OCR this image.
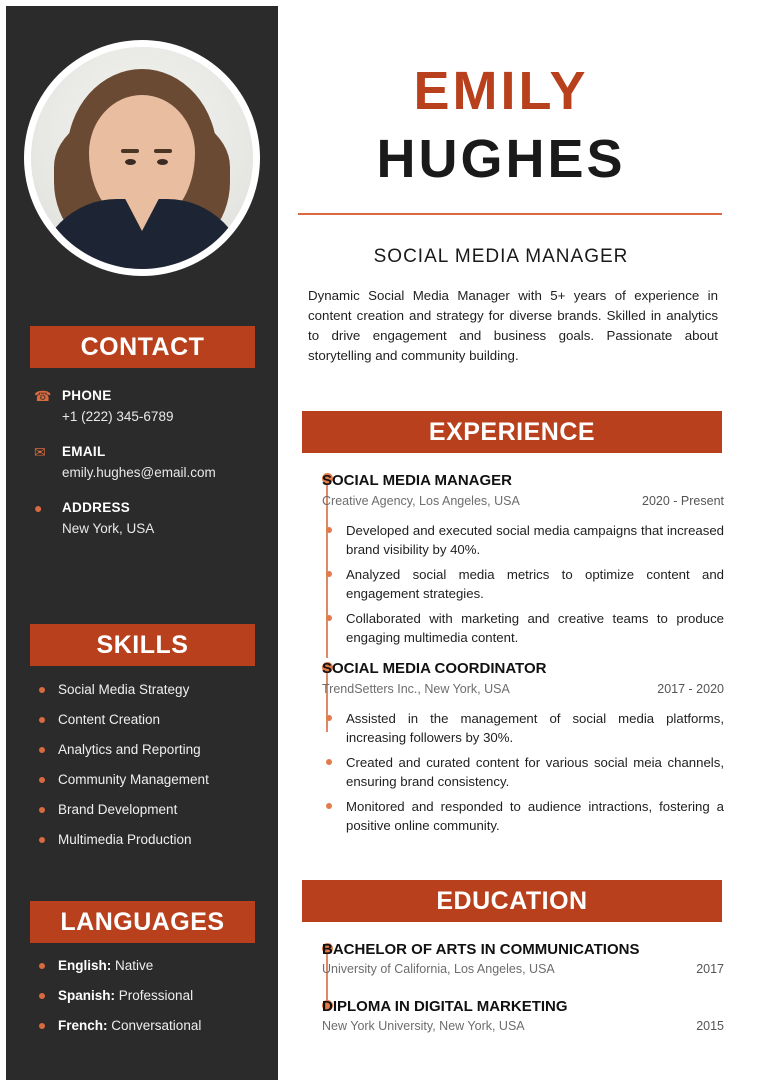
CONTACT
☎ PHONE
+1 (222) 345-6789
✉ EMAIL
emily.hughes@email.com
● ADDRESS
New York, USA
SKILLS
Social Media Strategy
Content Creation
Analytics and Reporting
Community Management
Brand Development
Multimedia Production
LANGUAGES
English: Native
Spanish: Professional
French: Conversational
EMILY
HUGHES
SOCIAL MEDIA MANAGER
Dynamic Social Media Manager with 5+ years of experience in content creation and strategy for diverse brands. Skilled in analytics to drive engagement and business goals. Passionate about storytelling and community building.
EXPERIENCE
SOCIAL MEDIA MANAGER
Creative Agency, Los Angeles, USA	2020 - Present
Developed and executed social media campaigns that increased brand visibility by 40%.
Analyzed social media metrics to optimize content and engagement strategies.
Collaborated with marketing and creative teams to produce engaging multimedia content.
SOCIAL MEDIA COORDINATOR
TrendSetters Inc., New York, USA	2017 - 2020
Assisted in the management of social media platforms, increasing followers by 30%.
Created and curated content for various social meia channels, ensuring brand consistency.
Monitored and responded to audience intractions, fostering a positive online community.
EDUCATION
BACHELOR OF ARTS IN COMMUNICATIONS
University of California, Los Angeles, USA	2017
DIPLOMA IN DIGITAL MARKETING
New York University, New York, USA	2015
